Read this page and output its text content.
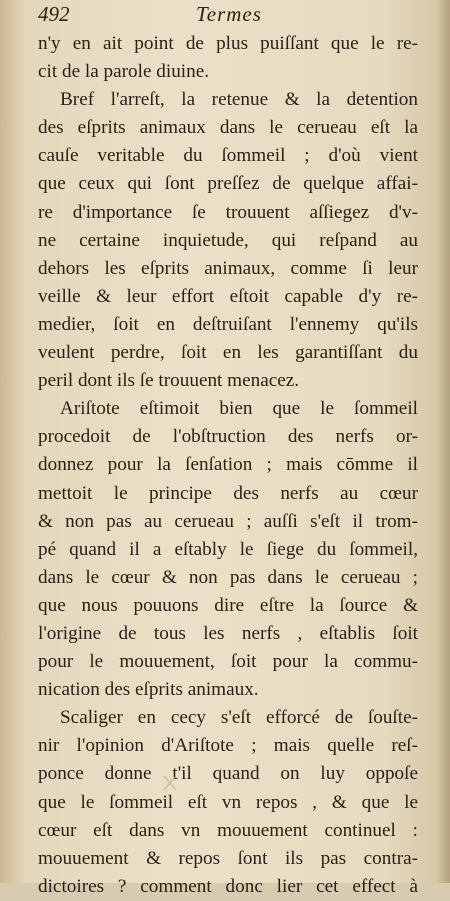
492	Termes
n'y en ait point de plus puiſſant que le re-
cit de la parole diuine.
Bref l'arreſt, la retenue & la detention
des eſprits animaux dans le cerueau eſt la
cauſe veritable du ſommeil ; d'où vient
que ceux qui ſont preſſez de quelque affai-
re d'importance ſe trouuent aſſiegez d'v-
ne certaine inquietude, qui reſpand au
dehors les eſprits animaux, comme ſi leur
veille & leur effort eſtoit capable d'y re-
medier, ſoit en deſtruiſant l'ennemy qu'ils
veulent perdre, ſoit en les garantiſſant du
peril dont ils ſe trouuent menacez.
Ariſtote eſtimoit bien que le ſommeil
procedoit de l'obſtruction des nerfs or-
donnez pour la ſenſation ; mais cōmme il
mettoit le principe des nerfs au cœur
& non pas au cerueau ; auſſi s'eſt il trom-
pé quand il a eſtably le ſiege du ſommeil,
dans le cœur & non pas dans le cerueau ;
que nous pouuons dire eſtre la ſource &
l'origine de tous les nerfs , eſtablis ſoit
pour le mouuement, ſoit pour la commu-
nication des eſprits animaux.
Scaliger en cecy s'eſt efforcé de ſouſte-
nir l'opinion d'Ariſtote ; mais quelle reſ-
ponce donne t'il quand on luy oppoſe
que le ſommeil eſt vn repos , & que le
cœur eſt dans vn mouuement continuel :
mouuement & repos ſont ils pas contra-
dictoires ? comment donc lier cet effect à
